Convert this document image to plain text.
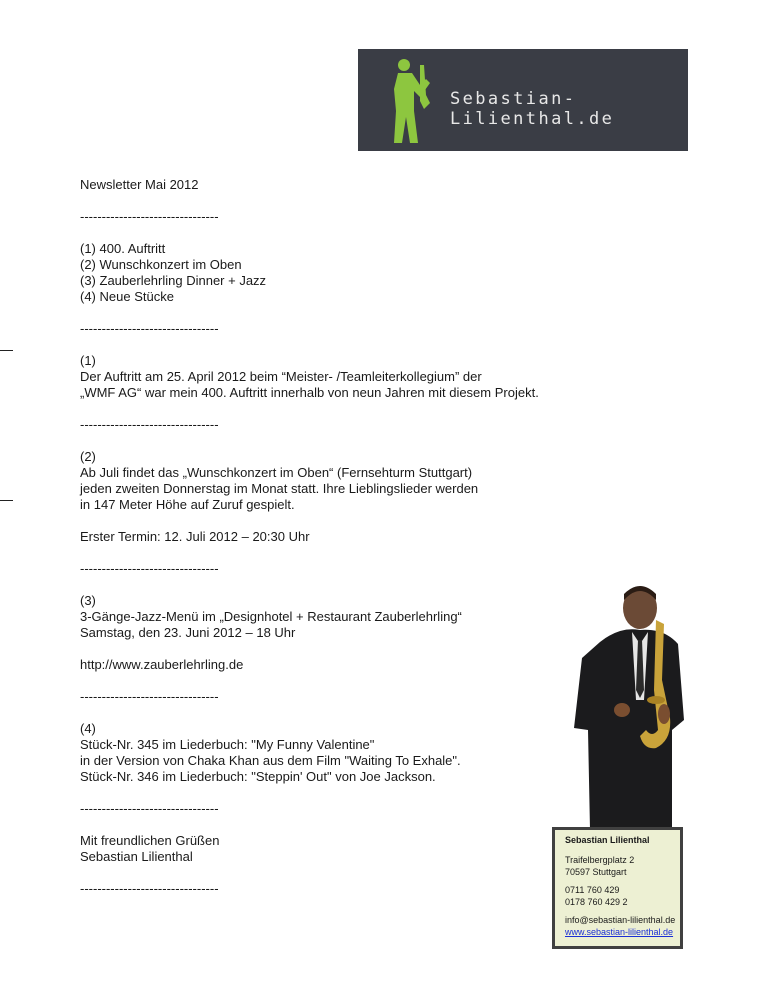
Sebastian-Lilienthal.de

Newsletter Mai 2012

--------------------------------

(1) 400. Auftritt

(2) Wunschkonzert im Oben

(3) Zauberlehrling Dinner + Jazz

(4) Neue Stücke

--------------------------------

(1)

Der Auftritt am 25. April 2012 beim “Meister- /Teamleiterkollegium” der

„WMF AG“ war mein 400. Auftritt innerhalb von neun Jahren mit diesem Projekt.

--------------------------------

(2)

Ab Juli findet das „Wunschkonzert im Oben“ (Fernsehturm Stuttgart)

jeden zweiten Donnerstag im Monat statt. Ihre Lieblingslieder werden

in 147 Meter Höhe auf Zuruf gespielt.

Erster Termin: 12. Juli 2012 – 20:30 Uhr

--------------------------------

(3)

3-Gänge-Jazz-Menü im „Designhotel + Restaurant Zauberlehrling“

Samstag, den 23. Juni 2012 – 18 Uhr

http://www.zauberlehrling.de

--------------------------------

(4)

Stück-Nr. 345 im Liederbuch: "My Funny Valentine"

in der Version von Chaka Khan aus dem Film "Waiting To Exhale".

Stück-Nr. 346 im Liederbuch: "Steppin' Out" von Joe Jackson.

--------------------------------

Mit freundlichen Grüßen

Sebastian Lilienthal

--------------------------------

Sebastian Lilienthal

Traifelbergplatz 2

70597 Stuttgart

0711 760 429

0178 760 429 2

info@sebastian-lilienthal.de

www.sebastian-lilienthal.de
